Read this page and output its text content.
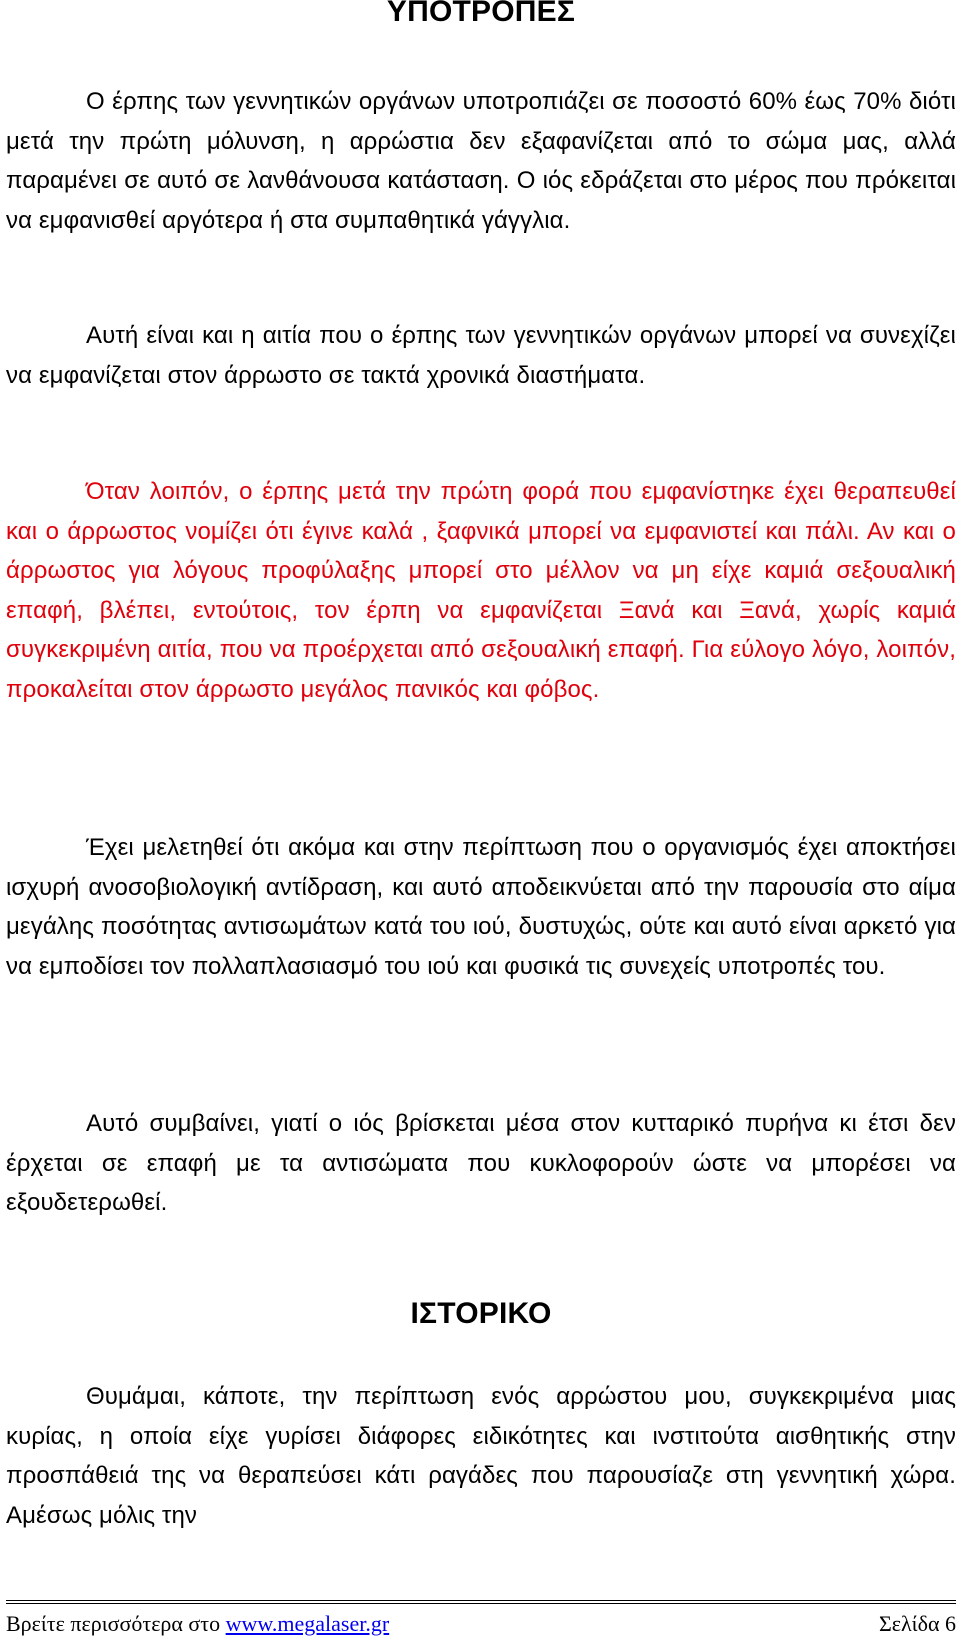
ΥΠΟΤΡΟΠΕΣ

Ο έρπης των γεννητικών οργάνων υποτροπιάζει σε ποσοστό 60% έως 70% διότι μετά την πρώτη μόλυνση, η αρρώστια δεν εξαφανίζεται από το σώμα μας, αλλά παραμένει σε αυτό σε λανθάνουσα κατάσταση. Ο ιός εδράζεται στο μέρος που πρόκειται να εμφανισθεί αργότερα ή στα συμπαθητικά γάγγλια.

Αυτή είναι και η αιτία που ο έρπης των γεννητικών οργάνων μπορεί να συνεχίζει να εμφανίζεται στον άρρωστο σε τακτά χρονικά διαστήματα.

Όταν λοιπόν, ο έρπης μετά την πρώτη φορά που εμφανίστηκε έχει θεραπευθεί και ο άρρωστος νομίζει ότι έγινε καλά , ξαφνικά μπορεί να εμφανιστεί και πάλι. Αν και ο άρρωστος για λόγους προφύλαξης μπορεί στο μέλλον να μη είχε καμιά σεξουαλική επαφή, βλέπει, εντούτοις, τον έρπη να εμφανίζεται Ξανά και Ξανά, χωρίς καμιά συγκεκριμένη αιτία, που να προέρχεται από σεξουαλική επαφή. Για εύλογο λόγο, λοιπόν, προκαλείται στον άρρωστο μεγάλος πανικός και φόβος.

Έχει μελετηθεί ότι ακόμα και στην περίπτωση που ο οργανισμός έχει αποκτήσει ισχυρή ανοσοβιολογική αντίδραση, και αυτό αποδεικνύεται από την παρουσία στο αίμα μεγάλης ποσότητας αντισωμάτων κατά του ιού, δυστυχώς, ούτε και αυτό είναι αρκετό για να εμποδίσει τον πολλαπλασιασμό του ιού και φυσικά τις συνεχείς υποτροπές του.

Αυτό συμβαίνει, γιατί ο ιός βρίσκεται μέσα στον κυτταρικό πυρήνα κι έτσι δεν έρχεται σε επαφή με τα αντισώματα που κυκλοφορούν ώστε να μπορέσει να εξουδετερωθεί.

ΙΣΤΟΡΙΚΟ

Θυμάμαι, κάποτε, την περίπτωση ενός αρρώστου μου, συγκεκριμένα μιας κυρίας, η οποία είχε γυρίσει διάφορες ειδικότητες και ινστιτούτα αισθητικής στην προσπάθειά της να θεραπεύσει κάτι ραγάδες που παρουσίαζε στη γεννητική χώρα. Αμέσως μόλις την

Βρείτε περισσότερα στο www.megalaser.gr	Σελίδα 6
